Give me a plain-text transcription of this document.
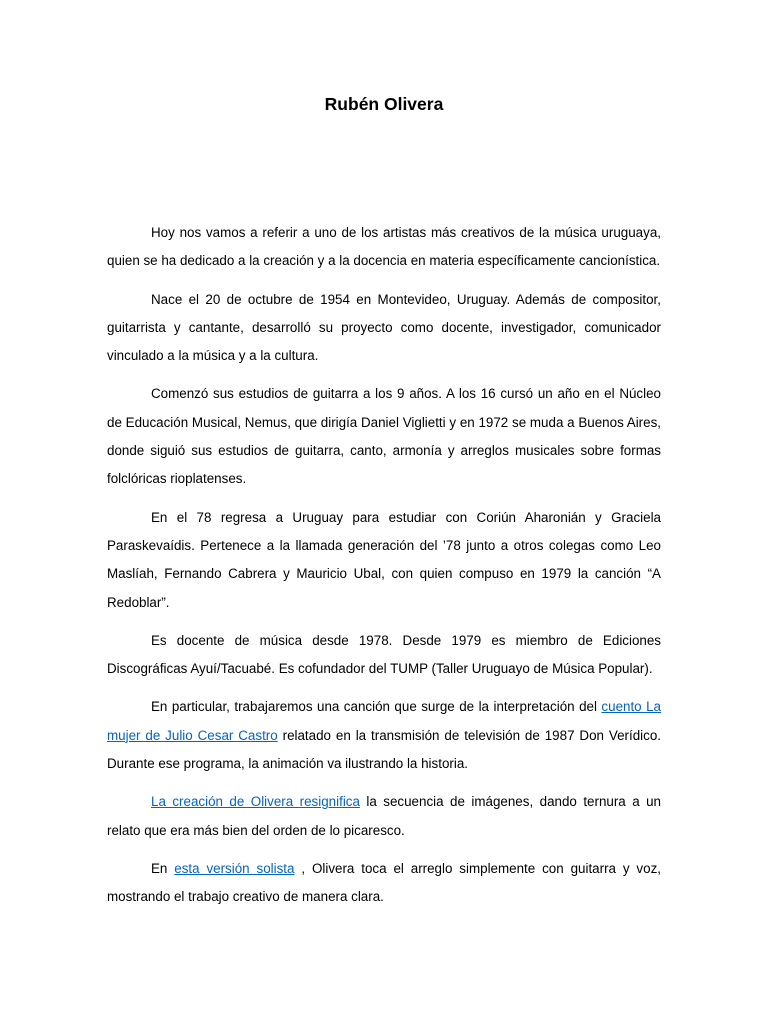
Rubén Olivera

Hoy nos vamos a referir a uno de los artistas más creativos de la música uruguaya, quien se ha dedicado a la creación y a la docencia en materia específicamente cancionística.

Nace el 20 de octubre de 1954 en Montevideo, Uruguay. Además de compositor, guitarrista y cantante, desarrolló su proyecto como docente, investigador, comunicador vinculado a la música y a la cultura.

Comenzó sus estudios de guitarra a los 9 años. A los 16 cursó un año en el Núcleo de Educación Musical, Nemus, que dirigía Daniel Viglietti y en 1972 se muda a Buenos Aires, donde siguió sus estudios de guitarra, canto, armonía y arreglos musicales sobre formas folclóricas rioplatenses.

En el 78 regresa a Uruguay para estudiar con Coriún Aharonián y Graciela Paraskevaídis. Pertenece a la llamada generación del ’78 junto a otros colegas como Leo Maslíah, Fernando Cabrera y Mauricio Ubal, con quien compuso en 1979 la canción “A Redoblar”.

Es docente de música desde 1978. Desde 1979 es miembro de Ediciones Discográficas Ayuí/Tacuabé. Es cofundador del TUMP (Taller Uruguayo de Música Popular).

En particular, trabajaremos una canción que surge de la interpretación del cuento La mujer de Julio Cesar Castro relatado en la transmisión de televisión de 1987 Don Verídico. Durante ese programa, la animación va ilustrando la historia.

La creación de Olivera resignifica la secuencia de imágenes, dando ternura a un relato que era más bien del orden de lo picaresco.

En esta versión solista , Olivera toca el arreglo simplemente con guitarra y voz, mostrando el trabajo creativo de manera clara.
